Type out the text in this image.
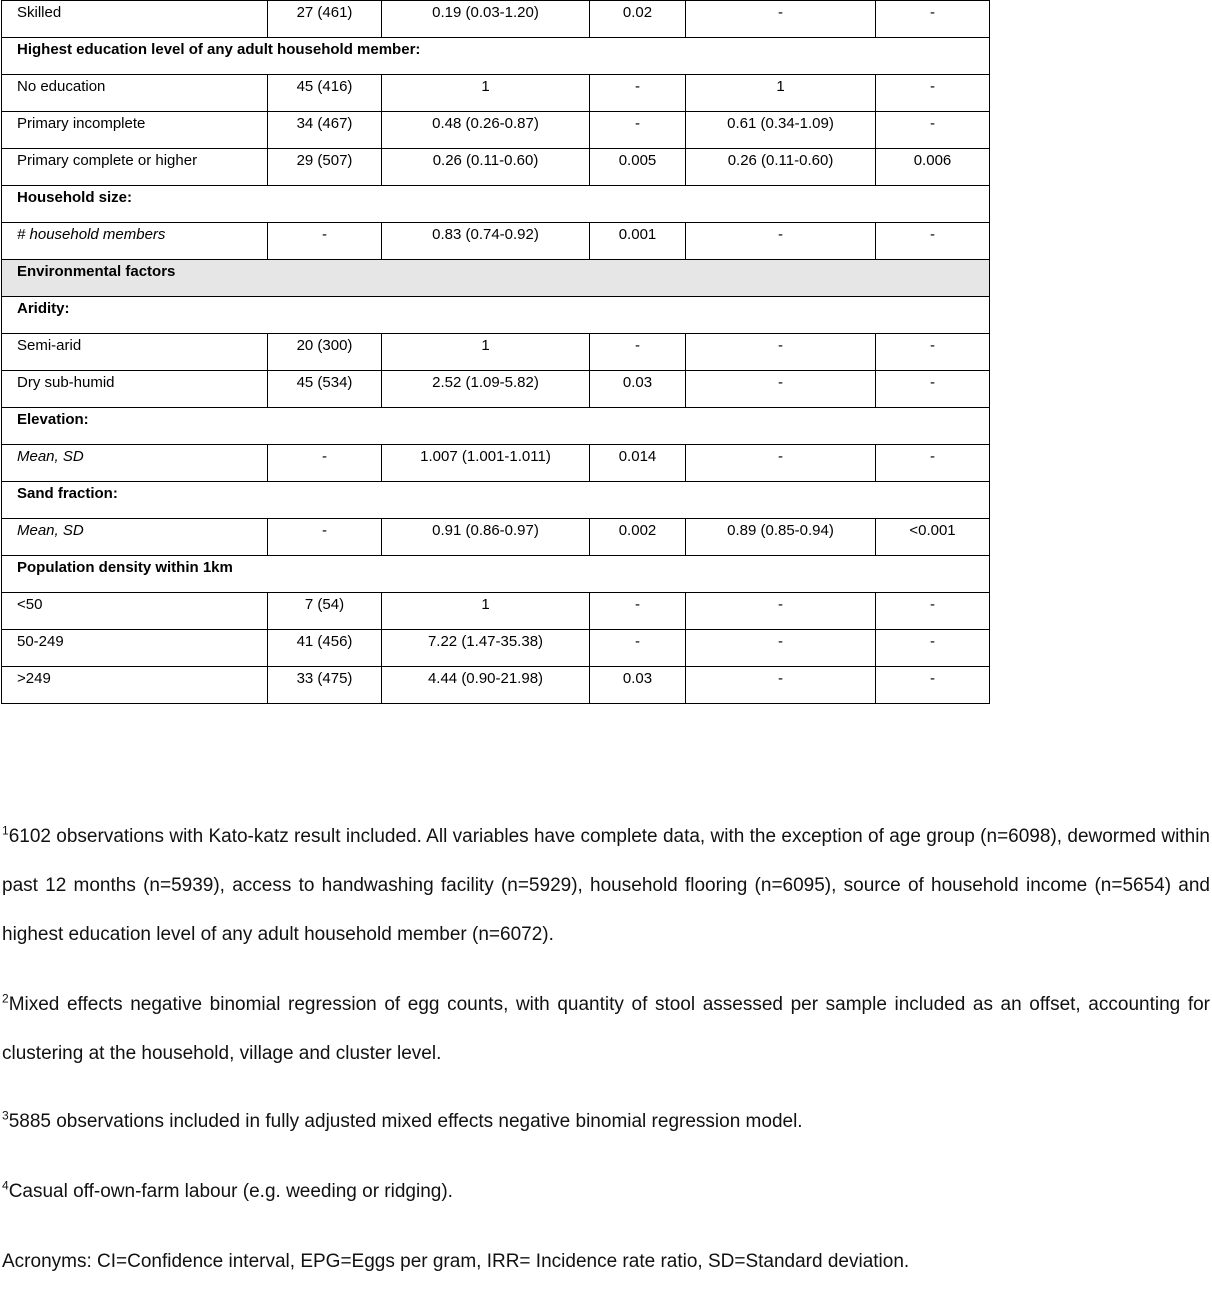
Skilled	27 (461)	0.19 (0.03-1.20)	0.02	-	-
Highest education level of any adult household member:					
No education	45 (416)	1	-	1	-
Primary incomplete	34 (467)	0.48 (0.26-0.87)	-	0.61 (0.34-1.09)	-
Primary complete or higher	29 (507)	0.26 (0.11-0.60)	0.005	0.26 (0.11-0.60)	0.006
Household size:					
# household members	-	0.83 (0.74-0.92)	0.001	-	-
Environmental factors					
Aridity:					
Semi-arid	20 (300)	1	-	-	-
Dry sub-humid	45 (534)	2.52 (1.09-5.82)	0.03	-	-
Elevation:					
Mean, SD	-	1.007 (1.001-1.011)	0.014	-	-
Sand fraction:					
Mean, SD	-	0.91 (0.86-0.97)	0.002	0.89 (0.85-0.94)	<0.001
Population density within 1km					
<50	7 (54)	1	-	-	-
50-249	41 (456)	7.22 (1.47-35.38)	-	-	-
>249	33 (475)	4.44 (0.90-21.98)	0.03	-	-

$^1$6102 observations with Kato-katz result included. All variables have complete data, with the exception of age group (n=6098), dewormed within past 12 months (n=5939), access to handwashing facility (n=5929), household flooring (n=6095), source of household income (n=5654) and highest education level of any adult household member (n=6072).

$^2$Mixed effects negative binomial regression of egg counts, with quantity of stool assessed per sample included as an offset, accounting for clustering at the household, village and cluster level.

$^3$5885 observations included in fully adjusted mixed effects negative binomial regression model.

$^4$Casual off-own-farm labour (e.g. weeding or ridging).

Acronyms: CI=Confidence interval, EPG=Eggs per gram, IRR= Incidence rate ratio, SD=Standard deviation.
